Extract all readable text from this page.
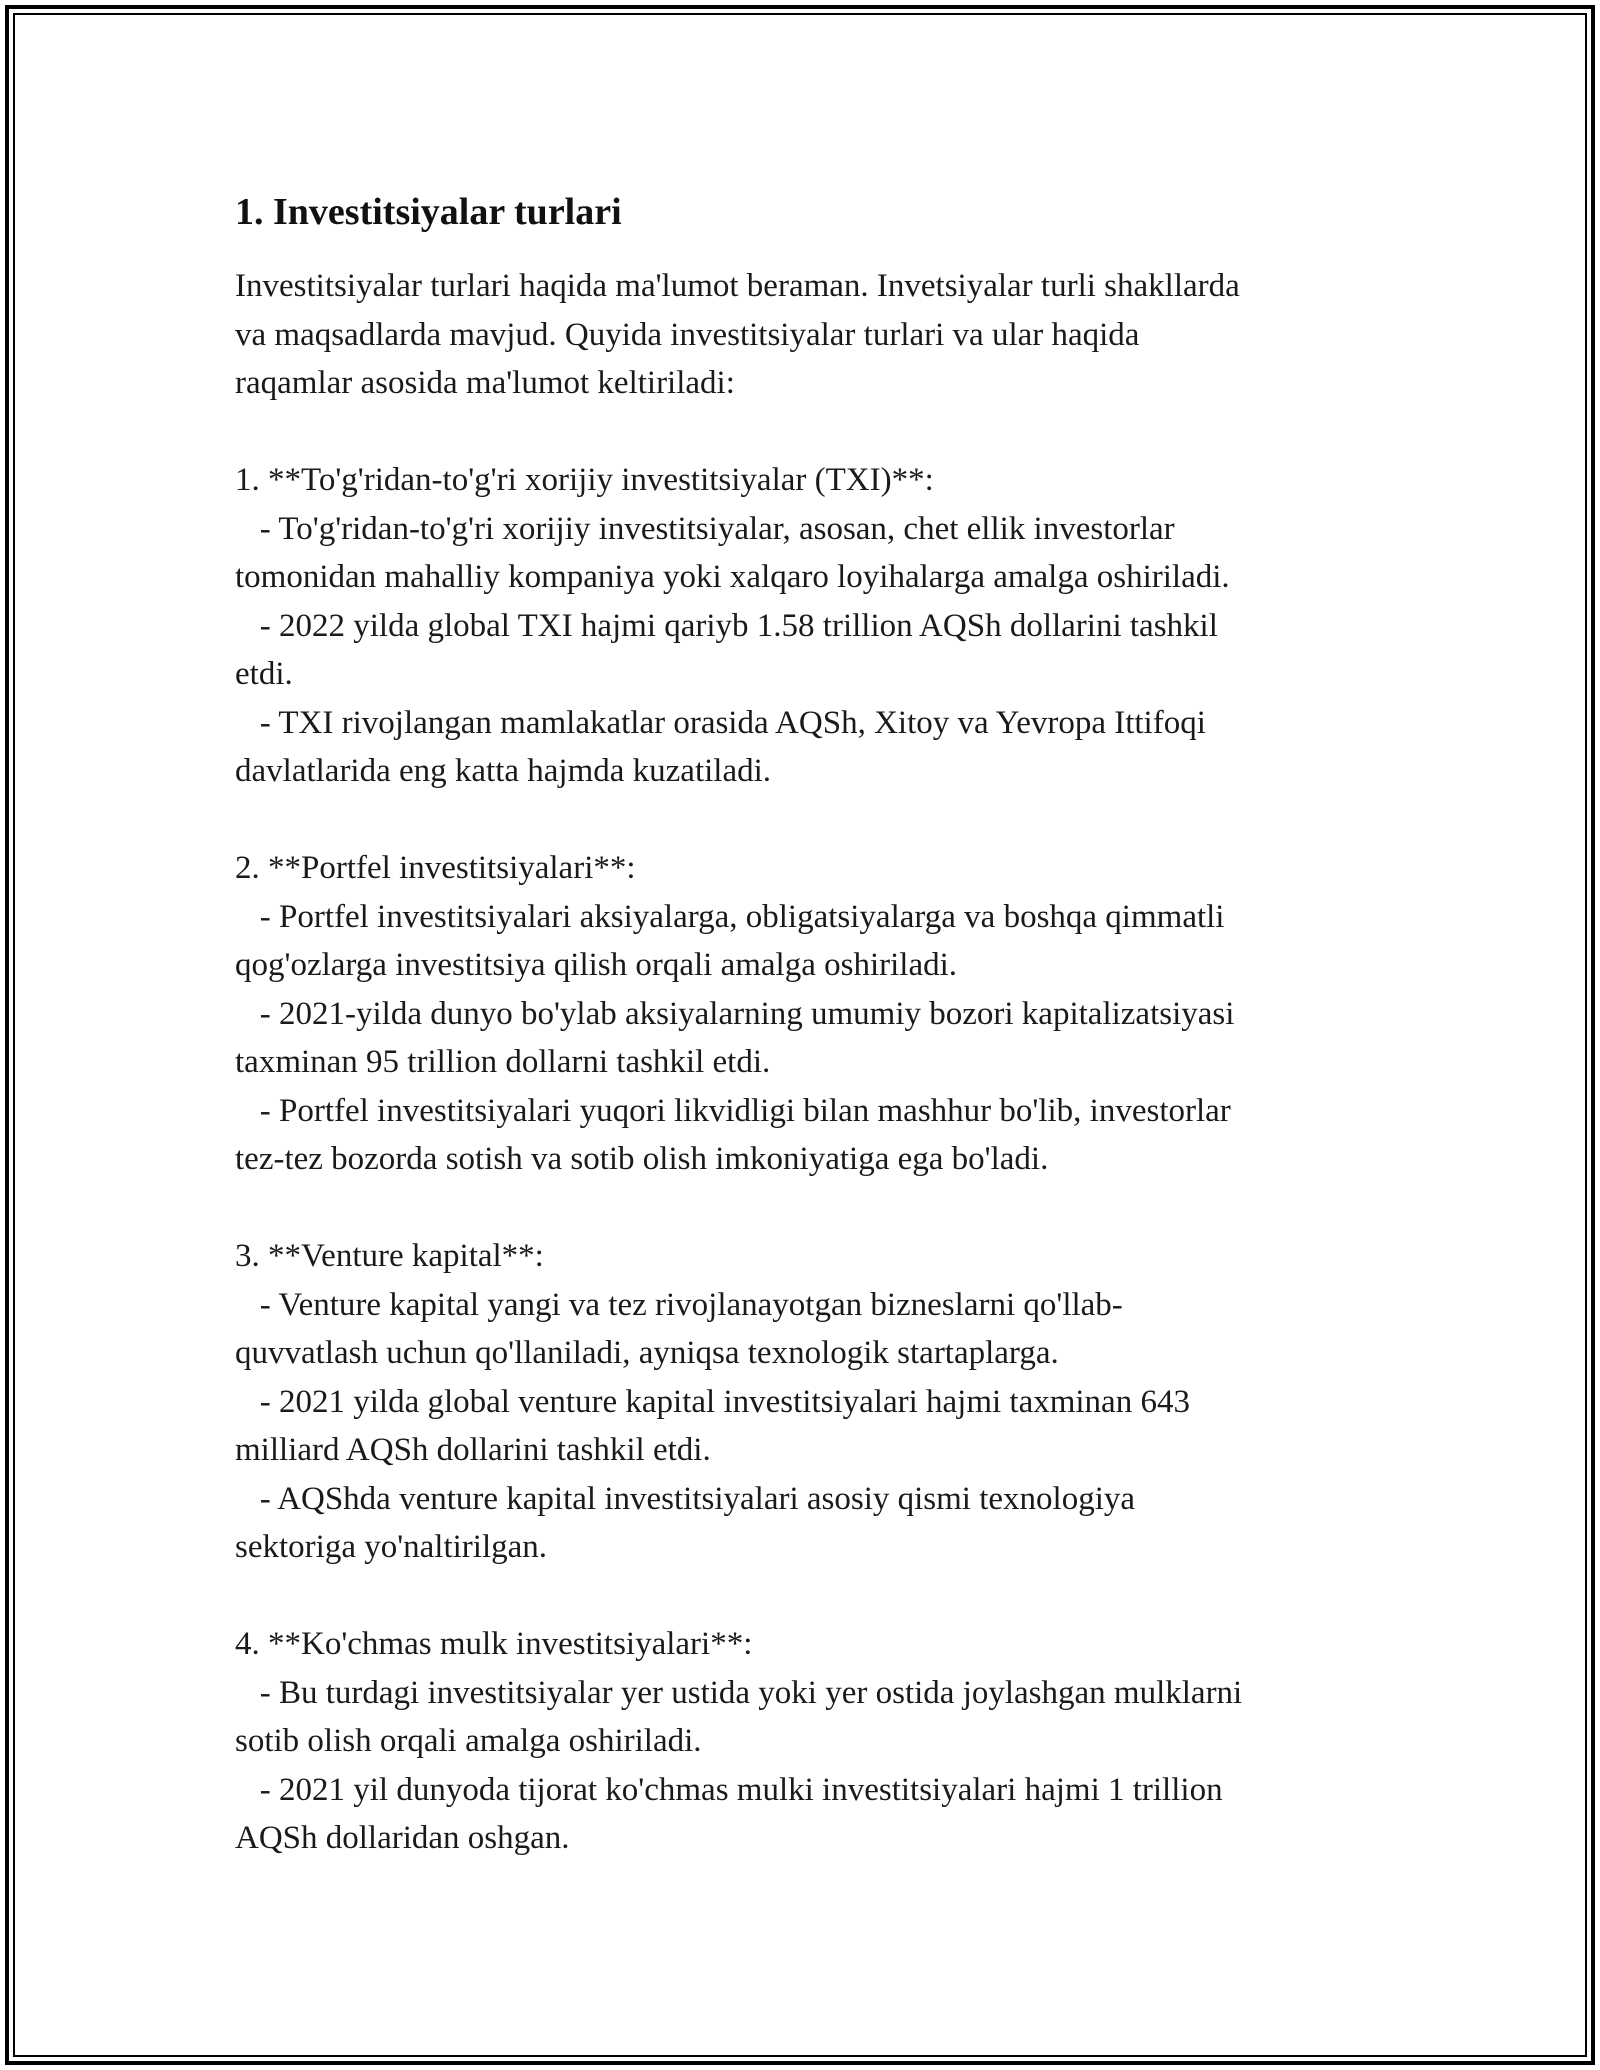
1. Investitsiyalar turlari
Investitsiyalar turlari haqida ma'lumot beraman. Invetsiyalar turli shakllarda
va maqsadlarda mavjud. Quyida investitsiyalar turlari va ular haqida
raqamlar asosida ma'lumot keltiriladi:
1. **To'g'ridan-to'g'ri xorijiy investitsiyalar (TXI)**:
- To'g'ridan-to'g'ri xorijiy investitsiyalar, asosan, chet ellik investorlar
tomonidan mahalliy kompaniya yoki xalqaro loyihalarga amalga oshiriladi.
- 2022 yilda global TXI hajmi qariyb 1.58 trillion AQSh dollarini tashkil
etdi.
- TXI rivojlangan mamlakatlar orasida AQSh, Xitoy va Yevropa Ittifoqi
davlatlarida eng katta hajmda kuzatiladi.
2. **Portfel investitsiyalari**:
- Portfel investitsiyalari aksiyalarga, obligatsiyalarga va boshqa qimmatli
qog'ozlarga investitsiya qilish orqali amalga oshiriladi.
- 2021-yilda dunyo bo'ylab aksiyalarning umumiy bozori kapitalizatsiyasi
taxminan 95 trillion dollarni tashkil etdi.
- Portfel investitsiyalari yuqori likvidligi bilan mashhur bo'lib, investorlar
tez-tez bozorda sotish va sotib olish imkoniyatiga ega bo'ladi.
3. **Venture kapital**:
- Venture kapital yangi va tez rivojlanayotgan bizneslarni qo'llab-
quvvatlash uchun qo'llaniladi, ayniqsa texnologik startaplarga.
- 2021 yilda global venture kapital investitsiyalari hajmi taxminan 643
milliard AQSh dollarini tashkil etdi.
- AQShda venture kapital investitsiyalari asosiy qismi texnologiya
sektoriga yo'naltirilgan.
4. **Ko'chmas mulk investitsiyalari**:
- Bu turdagi investitsiyalar yer ustida yoki yer ostida joylashgan mulklarni
sotib olish orqali amalga oshiriladi.
- 2021 yil dunyoda tijorat ko'chmas mulki investitsiyalari hajmi 1 trillion
AQSh dollaridan oshgan.
